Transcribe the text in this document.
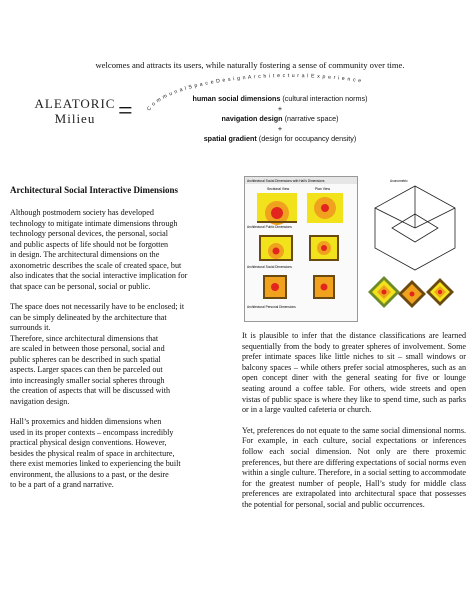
welcomes and attracts its users, while naturally fostering a sense of community over time.
C o m m u n a l S p a c e D e s i g n A r c h i t e c t u r a l E x p e r i e n c e
ALEATORIC
Milieu =	human social dimensions (cultural interaction norms)
+
navigation design (narrative space)
+
spatial gradient (design for occupancy density)
Architectural Social Interactive Dimensions

Although postmodern society has developed
technology to mitigate intimate dimensions through
technology personal devices, the personal, social
and public aspects of life should not be forgotten
in design. The architectural dimensions on the
axonometric describes the scale of created space, but
also indicates that the social interactive implication for
that space can be personal, social or public.

The space does not necessarily have to be enclosed; it
can be simply delineated by the architecture that
surrounds it.
Therefore, since architectural dimensions that
are scaled in between those personal, social and
public spheres can be described in such spatial
aspects. Larger spaces can then be parceled out
into increasingly smaller social spheres through
the creation of aspects that will be discussed with
navigation design.

Hall’s proxemics and hidden dimensions when
used in its proper contexts – encompass incredibly
practical physical design conventions. However,
besides the physical realm of space in architecture,
there exist memories linked to experiencing the built
environment, the allusions to a past, or the desire
to be a part of a grand narrative.

Architectural Social Dimensions with Hall's Dimensions
Sectional View	Plan View
Architectural Public Dimensions
Architectural Social Dimensions
Architectural Personal Dimensions
Axonometric

It is plausible to infer that the distance classifications are learned sequentially from the body to greater spheres of involvement. Some prefer intimate spaces like little niches to sit – small windows or balcony spaces – while others prefer social atmospheres, such as an open concept diner with the general seating for five or lounge seating around a coffee table. For others, wide streets and open vistas of public space is where they like to spend time, such as parks or in a large vaulted cafeteria or church.

Yet, preferences do not equate to the same social dimensional norms. For example, in each culture, social expectations or inferences follow each social dimension. Not only are there proxemic preferences, but there are differing expectations of social norms even within a single culture. Therefore, in a social setting to accommodate for the greatest number of people, Hall’s study for middle class preferences are extrapolated into architectural space that possesses the potential for personal, social and public occurrences.
